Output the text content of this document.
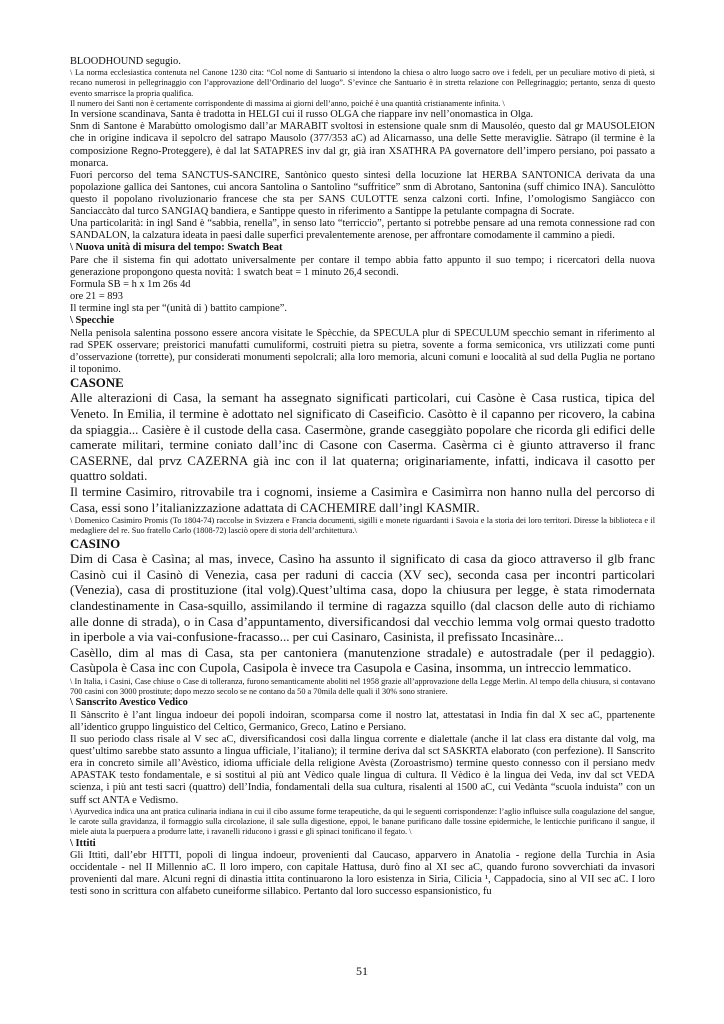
BLOODHOUND segugio.

\ La norma ecclesiastica contenuta nel Canone 1230 cita: “Col nome di Santuario si intendono la chiesa o altro luogo sacro ove i fedeli, per un peculiare motivo di pietà, si recano numerosi in pellegrinaggio con l’approvazione dell’Ordinario del luogo”. S’evince che Santuario è in stretta relazione con Pellegrinaggio; pertanto, senza di questo evento smarrisce la propria qualifica.

Il numero dei Santi non è certamente corrispondente di massima ai giorni dell’anno, poiché è una quantità cristianamente infinita. \

In versione scandinava, Santa è tradotta in HELGI cui il russo OLGA che riappare inv nell’onomastica in Olga.

Snm di Santone è Marabùtto omologismo dall’ar MARABIT svoltosi in estensione quale snm di Mausoléo, questo dal gr MAUSOLEION che in origine indicava il sepolcro del satrapo Mausolo (377/353 aC) ad Alicarnasso, una delle Sette meraviglie. Sàtrapo (il termine è la composizione Regno-Proteggere), è dal lat SATAPRES inv dal gr, già iran XSATHRA PA governatore dell’impero persiano, poi passato a monarca.

Fuori percorso del tema SANCTUS-SANCIRE, Santònico questo sintesi della locuzione lat HERBA SANTONICA derivata da una popolazione gallica dei Santones, cui ancora Santolìna o Santolìno “suffritice” snm di Abrotano, Santonina (suff chimico INA). Sanculòtto questo il popolano rivoluzionario francese che sta per SANS CULOTTE senza calzoni corti. Infine, l’omologismo Sangiàcco con Sanciaccàto dal turco SANGIAQ bandiera, e Santippe questo in riferimento a Santippe la petulante compagna di Socrate.

Una particolarità: in ingl Sand è “sabbia, renella”, in senso lato “terriccio”, pertanto si potrebbe pensare ad una remota connessione rad con SANDALON, la calzatura ideata in paesi dalle superfici prevalentemente arenose, per affrontare comodamente il cammino a piedi.

\ Nuova unità di misura del tempo: Swatch Beat

Pare che il sistema fin qui adottato universalmente per contare il tempo abbia fatto appunto il suo tempo; i ricercatori della nuova generazione propongono questa novità: 1 swatch beat = 1 minuto 26,4 secondi.

Formula SB = h x 1m 26s 4d

ore 21 = 893

Il termine ingl sta per “(unità di ) battito campione”.

\ Specchie

Nella penisola salentina possono essere ancora visitate le Spècchie, da SPECULA plur di SPECULUM specchio semant in riferimento al rad SPEK osservare; preistorici manufatti cumuliformi, costruiti pietra su pietra, sovente a forma semiconica, vrs utilizzati come punti d’osservazione (torrette), pur considerati monumenti sepolcrali; alla loro memoria, alcuni comuni e loocalità al sud della Puglia ne portano il toponimo.

CASONE

Alle alterazioni di Casa, la semant ha assegnato significati particolari, cui Casòne è Casa rustica, tipica del Veneto. In Emilia, il termine è adottato nel significato di Caseifìcio. Casòtto è il capanno per ricovero, la cabina da spiaggia... Casière è il custode della casa. Casermòne, grande caseggiàto popolare che ricorda gli edifici delle camerate militari, termine coniato dall’inc di Casone con Caserma. Casèrma ci è giunto attraverso il franc CASERNE, dal prvz CAZERNA già inc con il lat quaterna; originariamente, infatti, indicava il casotto per quattro soldati.

Il termine Casimiro, ritrovabile tra i cognomi, insieme a Casimìra e Casimìrra non hanno nulla del percorso di Casa, essi sono l’italianizzazione adattata di CACHEMIRE dall’ingl KASMIR.

\ Domenico Casimiro Promis (To 1804-74) raccolse in Svizzera e Francia documenti, sigilli e monete riguardanti i Savoia e la storia dei loro territori. Diresse la biblioteca e il medagliere del re. Suo fratello Carlo (1808-72) lasciò opere di storia dell’architettura.\

CASINO

Dim di Casa è Casìna; al mas, invece, Casìno ha assunto il significato di casa da gioco attraverso il glb franc Casinò cui il Casinò di Venezia, casa per raduni di caccia (XV sec), seconda casa per incontri particolari (Venezia), casa di prostituzione (ital volg).Quest’ultima casa, dopo la chiusura per legge, è stata rimodernata clandestinamente in Casa-squillo, assimilando il termine di ragazza squillo (dal clacson delle auto di richiamo alle donne di strada), o in Casa d’appuntamento, diversificandosi dal vecchio lemma volg ormai questo tradotto in iperbole a via vai-confusione-fracasso... per cui Casinaro, Casinista, il prefissato Incasinàre...

Casèllo, dim al mas di Casa, sta per cantoniera (manutenzione stradale) e autostradale (per il pedaggio). Casùpola è Casa inc con Cupola, Casipola è invece tra Casupola e Casina, insomma, un intreccio lemmatico.

\ In Italia, i Casini, Case chiuse o Case di tolleranza, furono semanticamente aboliti nel 1958 grazie all’approvazione della Legge Merlin. Al tempo della chiusura, si contavano 700 casini con 3000 prostitute; dopo mezzo secolo se ne contano da 50 a 70mila delle quali il 30% sono straniere.

\ Sanscrito Avestico Vedico

Il Sànscrito è l’ant lingua indoeur dei popoli indoiran, scomparsa come il nostro lat, attestatasi in India fin dal X sec aC, ppartenente all’identico gruppo linguistico del Celtico, Germanico, Greco, Latino e Persiano.

Il suo periodo class risale al V sec aC, diversificandosi così dalla lingua corrente e dialettale (anche il lat class era distante dal volg, ma quest’ultimo sarebbe stato assunto a lingua ufficiale, l’italiano); il termine deriva dal sct SASKRTA elaborato (con perfezione). Il Sanscrito era in concreto simile all’Avèstico, idioma ufficiale della religione Avèsta (Zoroastrismo) termine questo connesso con il persiano medv APASTAK testo fondamentale, e si sostituì al più ant Vèdico quale lingua di cultura. Il Vèdico è la lingua dei Veda, inv dal sct VEDA scienza, i più ant testi sacri (quattro) dell’India, fondamentali della sua cultura, risalenti al 1500 aC, cui Vedànta “scuola induista” con un suff sct ANTA e Vedìsmo.

\ Ayurvedica indica una ant pratica culinaria indiana in cui il cibo assume forme terapeutiche, da qui le seguenti corrispondenze: l’aglio influisce sulla coagulazione del sangue, le carote sulla gravidanza, il formaggio sulla circolazione, il sale sulla digestione, eppoi, le banane purificano dalle tossine epidermiche, le lenticchie purificano il sangue, il miele aiuta la puerpuera a produrre latte, i ravanelli riducono i grassi e gli spinaci tonificano il fegato. \

\ Ittiti

Gli Ittìti, dall’ebr HITTI, popoli di lingua indoeur, provenienti dal Caucaso, apparvero in Anatolia - regione della Turchia in Asia occidentale - nel II Millennio aC. Il loro impero, con capitale Hattusa, durò fino al XI sec aC, quando furono sovverchiati da invasori provenienti dal mare. Alcuni regni di dinastia ittita continuarono la loro esistenza in Siria, Cilicia ¹, Cappadocia, sino al VII sec aC. I loro testi sono in scrittura con alfabeto cuneiforme sillabico. Pertanto dal loro successo espansionistico, fu

51
